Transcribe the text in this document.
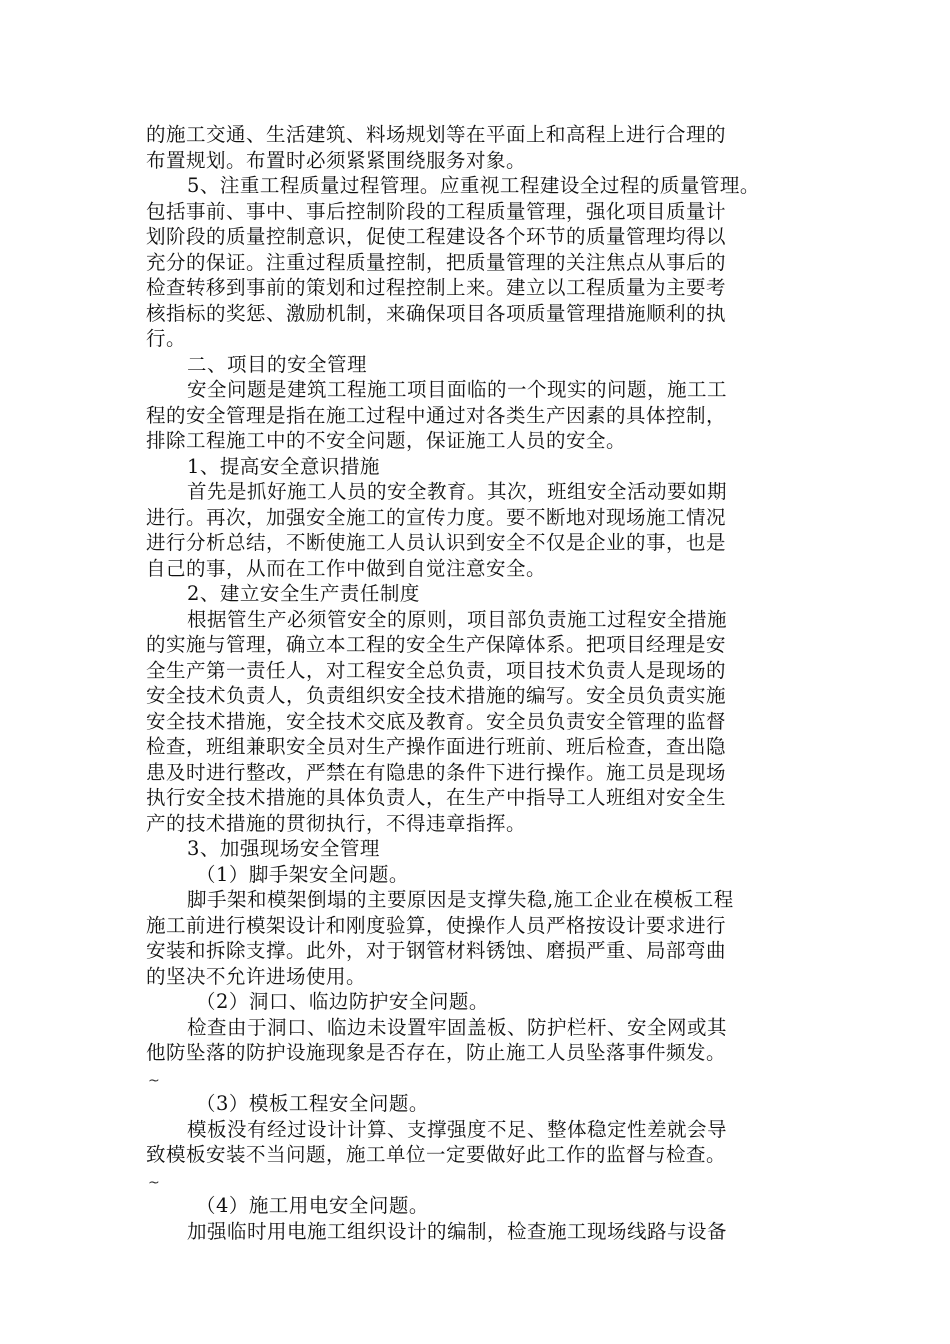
的施工交通、生活建筑、料场规划等在平面上和高程上进行合理的
布置规划。布置时必须紧紧围绕服务对象。
5、注重工程质量过程管理。应重视工程建设全过程的质量管理。
包括事前、事中、事后控制阶段的工程质量管理，强化项目质量计
划阶段的质量控制意识，促使工程建设各个环节的质量管理均得以
充分的保证。注重过程质量控制，把质量管理的关注焦点从事后的
检查转移到事前的策划和过程控制上来。建立以工程质量为主要考
核指标的奖惩、激励机制，来确保项目各项质量管理措施顺利的执
行。
二、项目的安全管理
安全问题是建筑工程施工项目面临的一个现实的问题，施工工
程的安全管理是指在施工过程中通过对各类生产因素的具体控制，
排除工程施工中的不安全问题，保证施工人员的安全。
1、提高安全意识措施
首先是抓好施工人员的安全教育。其次，班组安全活动要如期
进行。再次，加强安全施工的宣传力度。要不断地对现场施工情况
进行分析总结，不断使施工人员认识到安全不仅是企业的事，也是
自己的事，从而在工作中做到自觉注意安全。
2、建立安全生产责任制度
根据管生产必须管安全的原则，项目部负责施工过程安全措施
的实施与管理，确立本工程的安全生产保障体系。把项目经理是安
全生产第一责任人，对工程安全总负责，项目技术负责人是现场的
安全技术负责人，负责组织安全技术措施的编写。安全员负责实施
安全技术措施，安全技术交底及教育。安全员负责安全管理的监督
检查，班组兼职安全员对生产操作面进行班前、班后检查，查出隐
患及时进行整改，严禁在有隐患的条件下进行操作。施工员是现场
执行安全技术措施的具体负责人，在生产中指导工人班组对安全生
产的技术措施的贯彻执行，不得违章指挥。
3、加强现场安全管理
（1）脚手架安全问题。
脚手架和模架倒塌的主要原因是支撑失稳,施工企业在模板工程
施工前进行模架设计和刚度验算，使操作人员严格按设计要求进行
安装和拆除支撑。此外，对于钢管材料锈蚀、磨损严重、局部弯曲
的坚决不允许进场使用。
（2）洞口、临边防护安全问题。
检查由于洞口、临边未设置牢固盖板、防护栏杆、安全网或其
他防坠落的防护设施现象是否存在，防止施工人员坠落事件频发。
~
（3）模板工程安全问题。
模板没有经过设计计算、支撑强度不足、整体稳定性差就会导
致模板安装不当问题，施工单位一定要做好此工作的监督与检查。
~
（4）施工用电安全问题。
加强临时用电施工组织设计的编制，检查施工现场线路与设备
